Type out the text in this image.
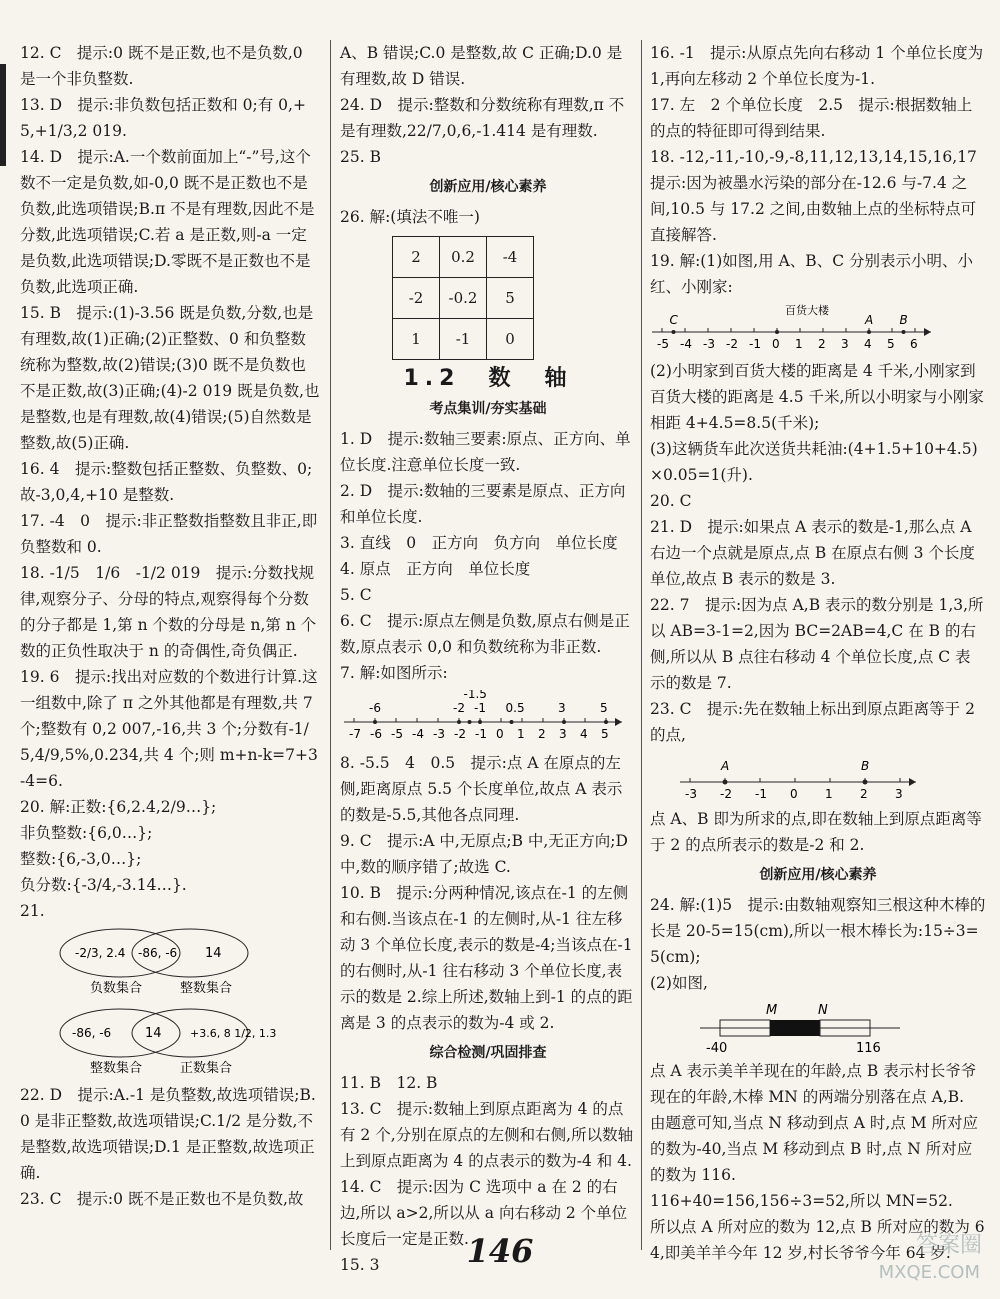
12. C　提示:0 既不是正数,也不是负数,0 是一个非负整数.

13. D　提示:非负数包括正数和 0;有 0,+5,+1/3,2 019.

14. D　提示:A.一个数前面加上“-”号,这个数不一定是负数,如-0,0 既不是正数也不是负数,此选项错误;B.π 不是有理数,因此不是分数,此选项错误;C.若 a 是正数,则-a 一定是负数,此选项错误;D.零既不是正数也不是负数,此选项正确.

15. B　提示:(1)-3.56 既是负数,分数,也是有理数,故(1)正确;(2)正整数、0 和负整数统称为整数,故(2)错误;(3)0 既不是负数也不是正数,故(3)正确;(4)-2 019 既是负数,也是整数,也是有理数,故(4)错误;(5)自然数是整数,故(5)正确.

16. 4　提示:整数包括正整数、负整数、0;故-3,0,4,+10 是整数.

17. -4　0　提示:非正整数指整数且非正,即负整数和 0.

18. -1/5　1/6　-1/2 019　提示:分数找规律,观察分子、分母的特点,观察得每个分数的分子都是 1,第 n 个数的分母是 n,第 n 个数的正负性取决于 n 的奇偶性,奇负偶正.

19. 6　提示:找出对应数的个数进行计算.这一组数中,除了 π 之外其他都是有理数,共 7 个;整数有 0,2 007,-16,共 3 个;分数有-1/5,4/9,5%,0.234,共 4 个;则 m+n-k=7+3-4=6.

20. 解:正数:{6,2.4,2/9…};

非负整数:{6,0…};

整数:{6,-3,0…};

负分数:{-3/4,-3.14…}.

21.

-2/3, 2.4 -86, -6 14
负数集合	整数集合
-86, -6	14	+3.6, 8 1/2, 1.3
整数集合	正数集合

22. D　提示:A.-1 是负整数,故选项错误;B.0 是非正整数,故选项错误;C.1/2 是分数,不是整数,故选项错误;D.1 是正整数,故选项正确.

23. C　提示:0 既不是正数也不是负数,故

A、B 错误;C.0 是整数,故 C 正确;D.0 是有理数,故 D 错误.

24. D　提示:整数和分数统称有理数,π 不是有理数,22/7,0,6,-1.414 是有理数.

25. B

创新应用/核心素养

26. 解:(填法不唯一)

2	0.2	-4
-2	-0.2	5
1	-1	0
1.2　数　轴
考点集训/夯实基础

1. D　提示:数轴三要素:原点、正方向、单位长度.注意单位长度一致.

2. D　提示:数轴的三要素是原点、正方向和单位长度.

3. 直线　0　正方向　负方向　单位长度

4. 原点　正方向　单位长度

5. C

6. C　提示:原点左侧是负数,原点右侧是正数,原点表示 0,0 和负数统称为非正数.

7. 解:如图所示:

-7 -6 -5 -4 -3 -2 -1 0 1 2 3 4 5
-6
-1.5
-2 -1 0.5	3	5

8. -5.5　4　0.5　提示:点 A 在原点的左侧,距离原点 5.5 个长度单位,故点 A 表示的数是-5.5,其他各点同理.

9. C　提示:A 中,无原点;B 中,无正方向;D 中,数的顺序错了;故选 C.

10. B　提示:分两种情况,该点在-1 的左侧和右侧.当该点在-1 的左侧时,从-1 往左移动 3 个单位长度,表示的数是-4;当该点在-1 的右侧时,从-1 往右移动 3 个单位长度,表示的数是 2.综上所述,数轴上到-1 的点的距离是 3 的点表示的数为-4 或 2.

综合检测/巩固排查

11. B　12. B

13. C　提示:数轴上到原点距离为 4 的点有 2 个,分别在原点的左侧和右侧,所以数轴上到原点距离为 4 的点表示的数为-4 和 4.

14. C　提示:因为 C 选项中 a 在 2 的右边,所以 a>2,所以从 a 向右移动 2 个单位长度后一定是正数.

15. 3

16. -1　提示:从原点先向右移动 1 个单位长度为 1,再向左移动 2 个单位长度为-1.

17. 左　2 个单位长度　2.5　提示:根据数轴上的点的特征即可得到结果.

18. -12,-11,-10,-9,-8,11,12,13,14,15,16,17　提示:因为被墨水污染的部分在-12.6 与-7.4 之间,10.5 与 17.2 之间,由数轴上点的坐标特点可直接解答.

19. 解:(1)如图,用 A、B、C 分别表示小明、小红、小刚家:

-5 -4 -3 -2 -1 0 1 2 3 4 5 6
百货大楼
C	A B

(2)小明家到百货大楼的距离是 4 千米,小刚家到百货大楼的距离是 4.5 千米,所以小明家与小刚家相距 4+4.5=8.5(千米);

(3)这辆货车此次送货共耗油:(4+1.5+10+4.5)×0.05=1(升).

20. C

21. D　提示:如果点 A 表示的数是-1,那么点 A 右边一个点就是原点,点 B 在原点右侧 3 个长度单位,故点 B 表示的数是 3.

22. 7　提示:因为点 A,B 表示的数分别是 1,3,所以 AB=3-1=2,因为 BC=2AB=4,C 在 B 的右侧,所以从 B 点往右移动 4 个单位长度,点 C 表示的数是 7.

23. C　提示:先在数轴上标出到原点距离等于 2 的点,

-3 -2 -1 0 1 2 3
A	B

点 A、B 即为所求的点,即在数轴上到原点距离等于 2 的点所表示的数是-2 和 2.

创新应用/核心素养

24. 解:(1)5　提示:由数轴观察知三根这种木棒的长是 20-5=15(cm),所以一根木棒长为:15÷3=5(cm);

(2)如图,

M	N
-40	116

点 A 表示美羊羊现在的年龄,点 B 表示村长爷爷现在的年龄,木棒 MN 的两端分别落在点 A,B.

由题意可知,当点 N 移动到点 A 时,点 M 所对应的数为-40,当点 M 移动到点 B 时,点 N 所对应的数为 116.

116+40=156,156÷3=52,所以 MN=52.

所以点 A 所对应的数为 12,点 B 所对应的数为 64,即美羊羊今年 12 岁,村长爷爷今年 64 岁.

146	答案圈
MXQE.COM
